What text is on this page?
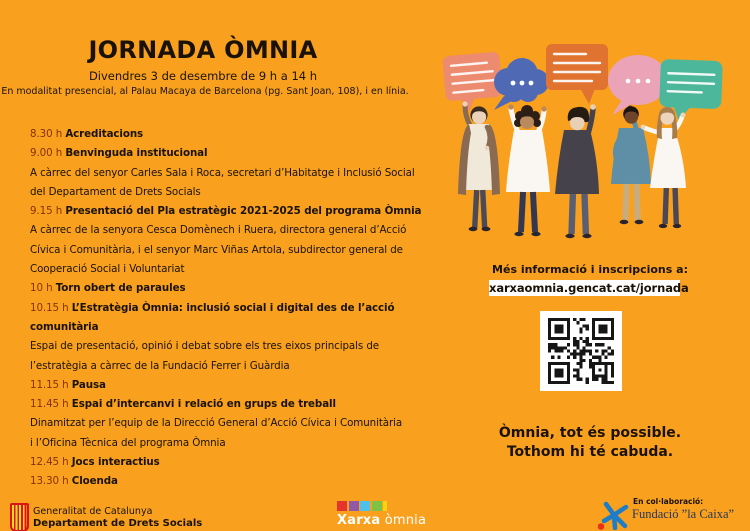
JORNADA ÒMNIA
Divendres 3 de desembre de 9 h a 14 h
En modalitat presencial, al Palau Macaya de Barcelona (pg. Sant Joan, 108), i en línia.
8.30 h Acreditacions
9.00 h Benvinguda institucional
A càrrec del senyor Carles Sala i Roca, secretari d’Habitatge i Inclusió Social
del Departament de Drets Socials
9.15 h Presentació del Pla estratègic 2021-2025 del programa Òmnia
A càrrec de la senyora Cesca Domènech i Ruera, directora general d’Acció
Cívica i Comunitària, i el senyor Marc Viñas Artola, subdirector general de
Cooperació Social i Voluntariat
10 h Torn obert de paraules
10.15 h L’Estratègia Òmnia: inclusió social i digital des de l’acció
comunitària
Espai de presentació, opinió i debat sobre els tres eixos principals de
l’estratègia a càrrec de la Fundació Ferrer i Guàrdia
11.15 h Pausa
11.45 h Espai d’intercanvi i relació en grups de treball
Dinamitzat per l’equip de la Direcció General d’Acció Cívica i Comunitària
i l’Oficina Tècnica del programa Òmnia
12.45 h Jocs interactius
13.30 h Cloenda
Més informació i inscripcions a:
xarxaomnia.gencat.cat/jornada
Òmnia, tot és possible.
Tothom hi té cabuda.
Generalitat de Catalunya
Departament de Drets Socials	Xarxa òmnia
En col·laboració:
Fundació ”la Caixa”
